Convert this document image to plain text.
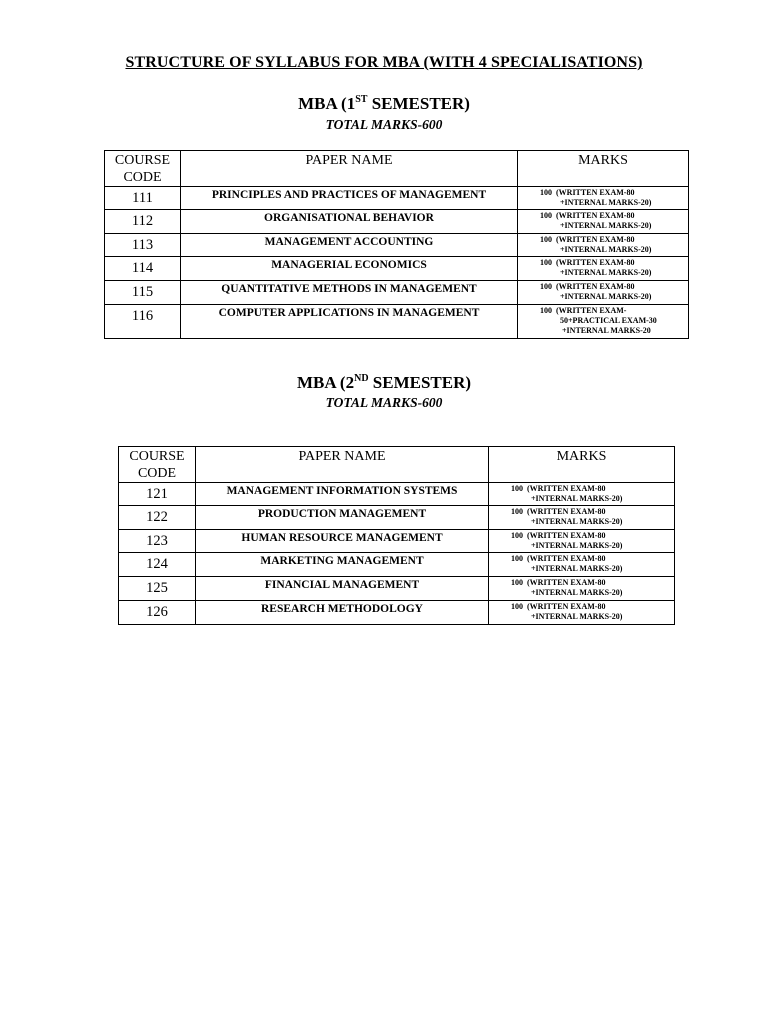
STRUCTURE OF SYLLABUS FOR MBA (WITH 4 SPECIALISATIONS)
MBA (1ST SEMESTER)
TOTAL MARKS-600
COURSE CODE	PAPER NAME	MARKS
111	PRINCIPLES AND PRACTICES OF MANAGEMENT	100  (WRITTEN EXAM-80
+INTERNAL MARKS-20)

112	ORGANISATIONAL BEHAVIOR	100  (WRITTEN EXAM-80
+INTERNAL MARKS-20)

113	MANAGEMENT ACCOUNTING	100  (WRITTEN EXAM-80
+INTERNAL MARKS-20)

114	MANAGERIAL ECONOMICS	100  (WRITTEN EXAM-80
+INTERNAL MARKS-20)

115	QUANTITATIVE METHODS IN MANAGEMENT	100  (WRITTEN EXAM-80
+INTERNAL MARKS-20)

116	COMPUTER APPLICATIONS IN MANAGEMENT	100  (WRITTEN EXAM-
50+PRACTICAL EXAM-30
+INTERNAL MARKS-20
MBA (2ND SEMESTER)
TOTAL MARKS-600
COURSE CODE	PAPER NAME	MARKS
121	MANAGEMENT INFORMATION SYSTEMS	100  (WRITTEN EXAM-80
+INTERNAL MARKS-20)

122	PRODUCTION MANAGEMENT	100  (WRITTEN EXAM-80
+INTERNAL MARKS-20)

123	HUMAN RESOURCE MANAGEMENT	100  (WRITTEN EXAM-80
+INTERNAL MARKS-20)

124	MARKETING MANAGEMENT	100  (WRITTEN EXAM-80
+INTERNAL MARKS-20)

125	FINANCIAL MANAGEMENT	100  (WRITTEN EXAM-80
+INTERNAL MARKS-20)

126	RESEARCH METHODOLOGY	100  (WRITTEN EXAM-80
+INTERNAL MARKS-20)
